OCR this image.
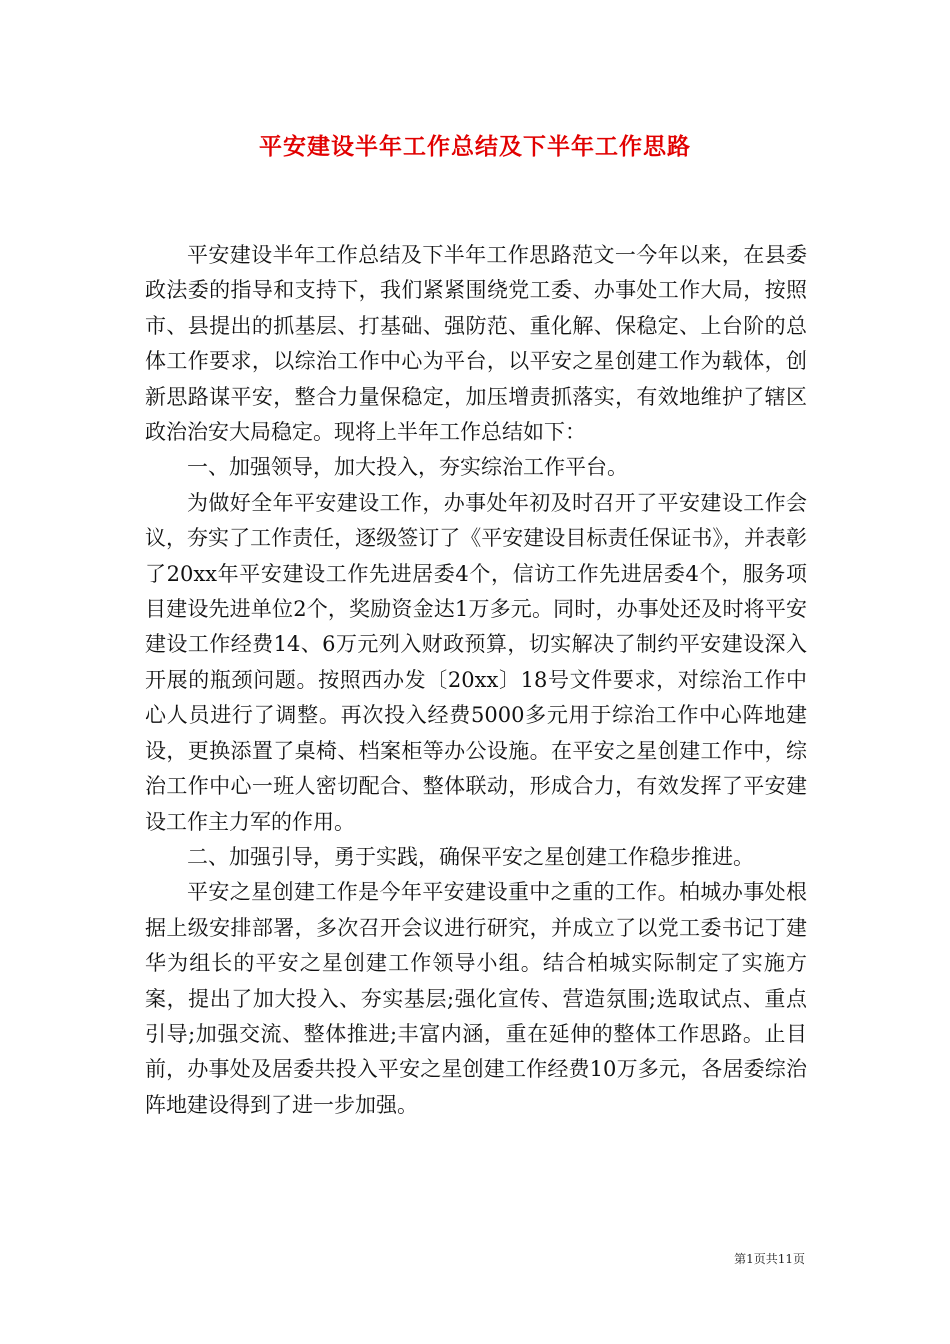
平安建设半年工作总结及下半年工作思路

平安建设半年工作总结及下半年工作思路范文一今年以来，在县委政法委的指导和支持下，我们紧紧围绕党工委、办事处工作大局，按照市、县提出的抓基层、打基础、强防范、重化解、保稳定、上台阶的总体工作要求，以综治工作中心为平台，以平安之星创建工作为载体，创新思路谋平安，整合力量保稳定，加压增责抓落实，有效地维护了辖区政治治安大局稳定。现将上半年工作总结如下：

一、加强领导，加大投入，夯实综治工作平台。

为做好全年平安建设工作，办事处年初及时召开了平安建设工作会议，夯实了工作责任，逐级签订了《平安建设目标责任保证书》，并表彰了20xx年平安建设工作先进居委4个，信访工作先进居委4个，服务项目建设先进单位2个，奖励资金达1万多元。同时，办事处还及时将平安建设工作经费14、6万元列入财政预算，切实解决了制约平安建设深入开展的瓶颈问题。按照西办发〔20xx〕18号文件要求，对综治工作中心人员进行了调整。再次投入经费5000多元用于综治工作中心阵地建设，更换添置了桌椅、档案柜等办公设施。在平安之星创建工作中，综治工作中心一班人密切配合、整体联动，形成合力，有效发挥了平安建设工作主力军的作用。

二、加强引导，勇于实践，确保平安之星创建工作稳步推进。

平安之星创建工作是今年平安建设重中之重的工作。柏城办事处根据上级安排部署，多次召开会议进行研究，并成立了以党工委书记丁建华为组长的平安之星创建工作领导小组。结合柏城实际制定了实施方案，提出了加大投入、夯实基层;强化宣传、营造氛围;选取试点、重点引导;加强交流、整体推进;丰富内涵，重在延伸的整体工作思路。止目前，办事处及居委共投入平安之星创建工作经费10万多元，各居委综治阵地建设得到了进一步加强。

第1页共11页
